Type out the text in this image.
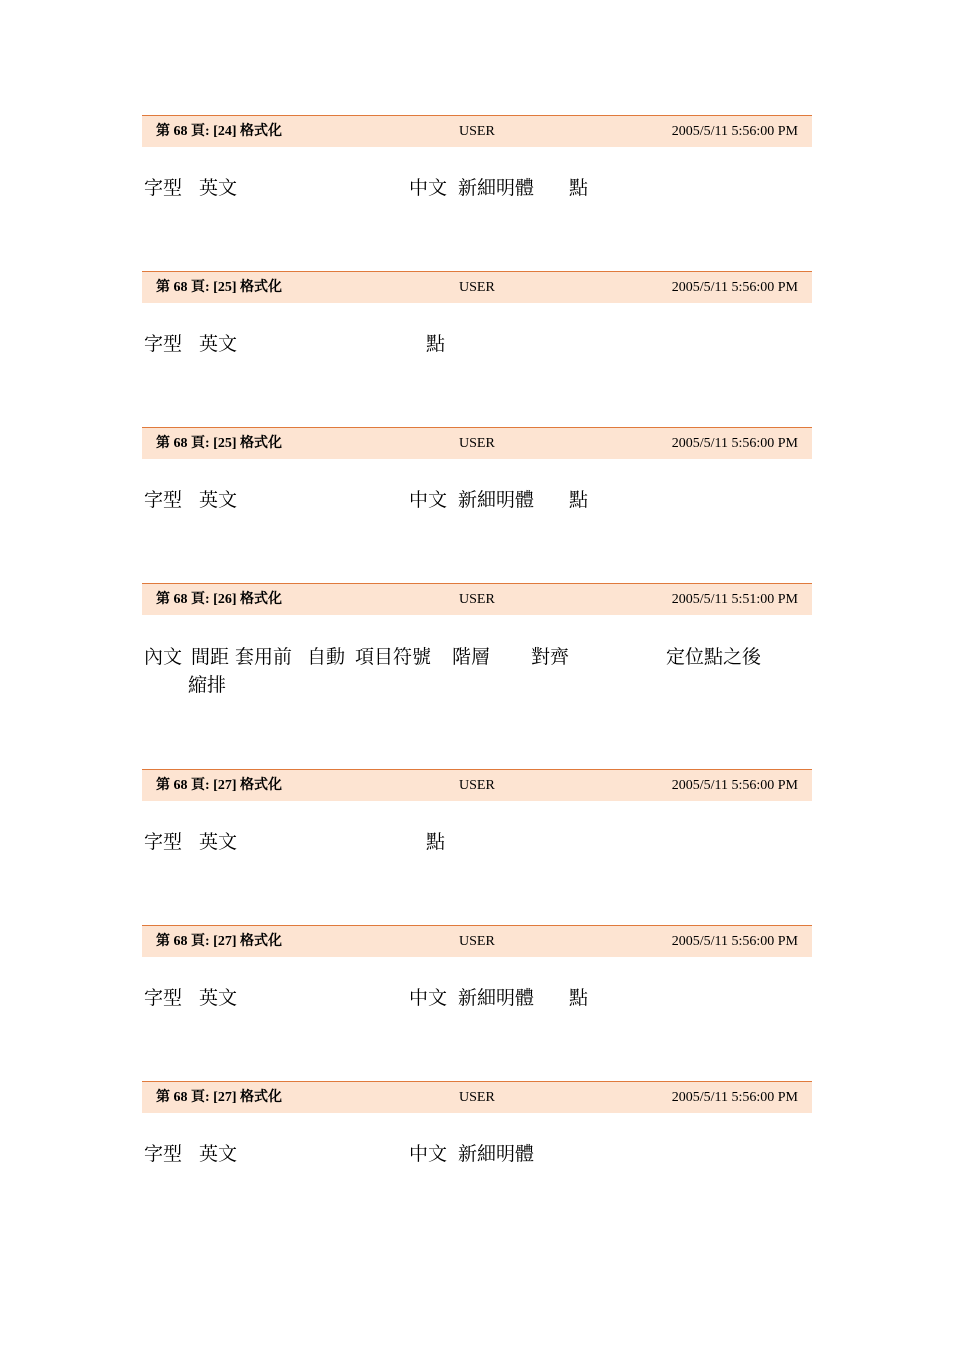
第 68 頁: [24] 格式化	USER	2005/5/11 5:56:00 PM
字型 英文	中文 新細明體 點
第 68 頁: [25] 格式化	USER	2005/5/11 5:56:00 PM
字型 英文	點
第 68 頁: [25] 格式化	USER	2005/5/11 5:56:00 PM
字型 英文	中文 新細明體 點
第 68 頁: [26] 格式化	USER	2005/5/11 5:51:00 PM
內文 間距 套用前 自動 項目符號 階層 對齊	定位點之後
縮排
第 68 頁: [27] 格式化	USER	2005/5/11 5:56:00 PM
字型 英文	點
第 68 頁: [27] 格式化	USER	2005/5/11 5:56:00 PM
字型 英文	中文 新細明體 點
第 68 頁: [27] 格式化	USER	2005/5/11 5:56:00 PM
字型 英文	中文 新細明體
